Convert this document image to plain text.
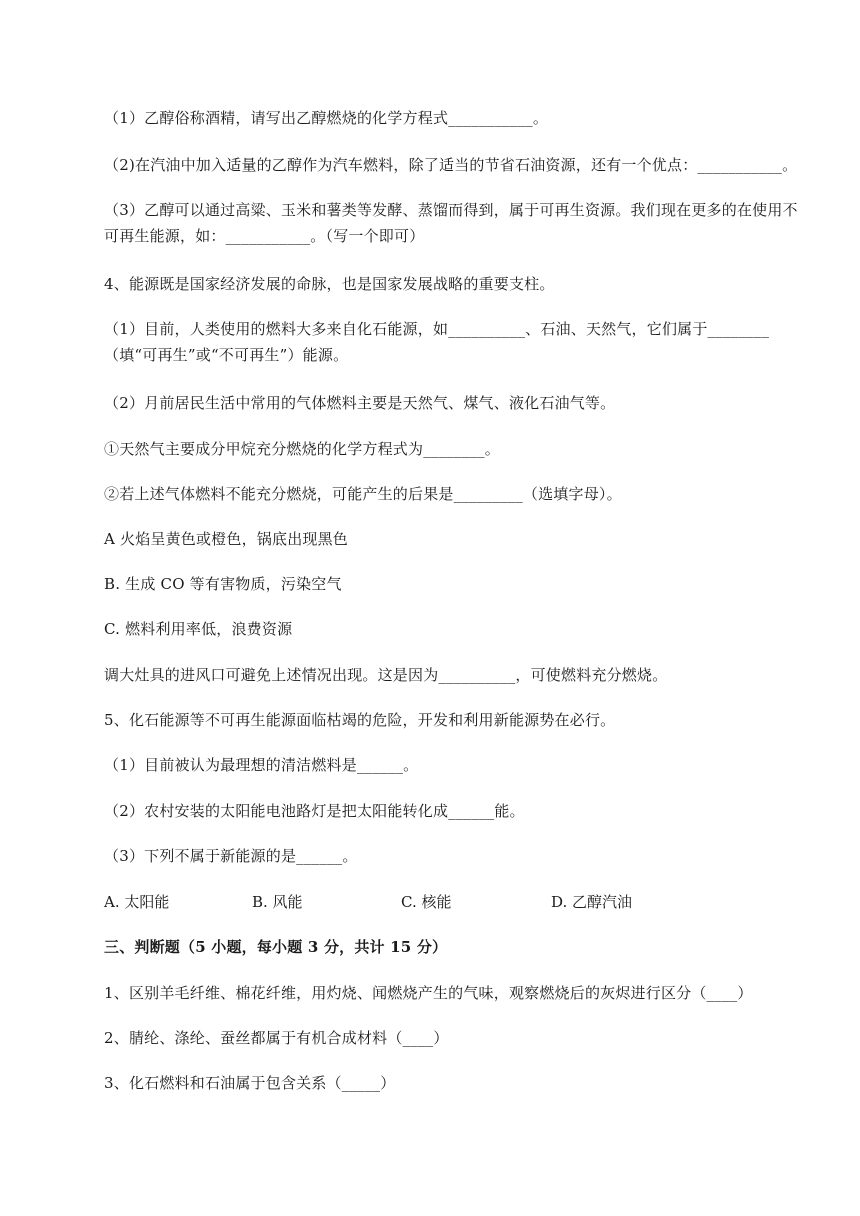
（1）乙醇俗称酒精，请写出乙醇燃烧的化学方程式___________。
（2)在汽油中加入适量的乙醇作为汽车燃料，除了适当的节省石油资源，还有一个优点：___________。
（3）乙醇可以通过高粱、玉米和薯类等发酵、蒸馏而得到，属于可再生资源。我们现在更多的在使用不可再生能源，如：___________。（写一个即可）
4、能源既是国家经济发展的命脉，也是国家发展战略的重要支柱。
（1）目前，人类使用的燃料大多来自化石能源，如__________、石油、天然气，它们属于________（填“可再生”或“不可再生”）能源。
（2）月前居民生活中常用的气体燃料主要是天然气、煤气、液化石油气等。
①天然气主要成分甲烷充分燃烧的化学方程式为________。
②若上述气体燃料不能充分燃烧，可能产生的后果是_________（选填字母）。
A 火焰呈黄色或橙色，锅底出现黑色
B. 生成 CO 等有害物质，污染空气
C. 燃料利用率低，浪费资源
调大灶具的进风口可避免上述情况出现。这是因为__________，可使燃料充分燃烧。
5、化石能源等不可再生能源面临枯竭的危险，开发和利用新能源势在必行。
（1）目前被认为最理想的清洁燃料是______。
（2）农村安装的太阳能电池路灯是把太阳能转化成______能。
（3）下列不属于新能源的是______。
A. 太阳能	B. 风能	C. 核能	D. 乙醇汽油
三、判断题（5 小题，每小题 3 分，共计 15 分）
1、区别羊毛纤维、棉花纤维，用灼烧、闻燃烧产生的气味，观察燃烧后的灰烬进行区分（____）
2、腈纶、涤纶、蚕丝都属于有机合成材料（____）
3、化石燃料和石油属于包含关系（_____）
